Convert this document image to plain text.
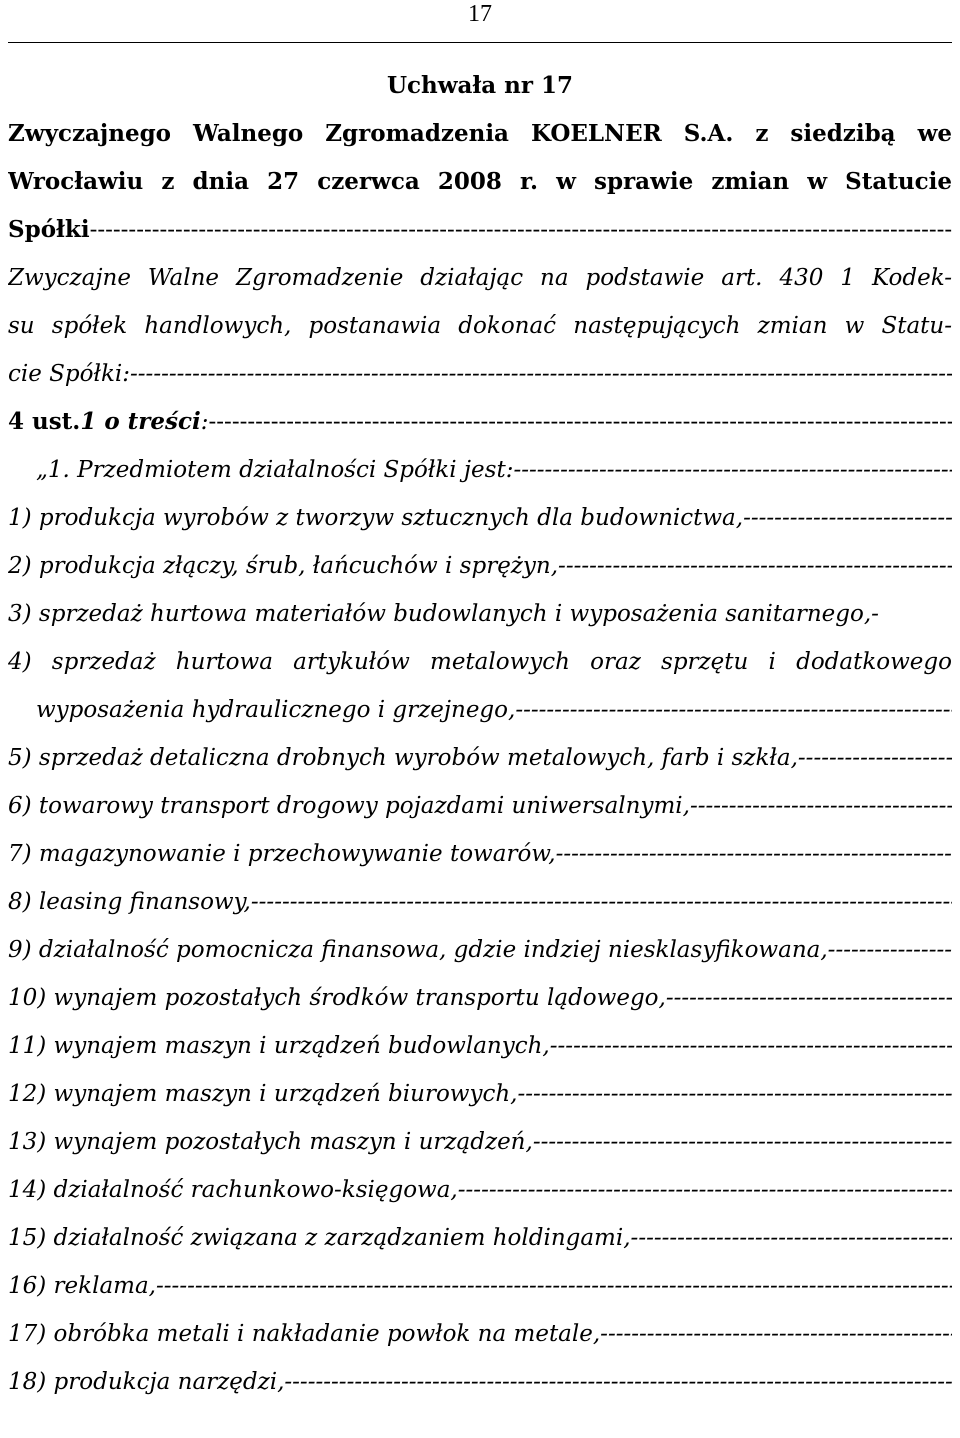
17
Uchwała nr 17
Zwyczajnego Walnego Zgromadzenia KOELNER S.A. z siedzibą we
Wrocławiu z dnia 27 czerwca 2008 r. w sprawie zmian w Statucie
Spółki
-----
Zwyczajne Walne Zgromadzenie działając na podstawie art. 430 1 Kodek-
su spółek handlowych, postanawia dokonać następujących zmian w Statu-
cie Spółki:
-----
4 ust. 1 o treści :
-----
„1. Przedmiotem działalności Spółki jest:
-----
1) produkcja wyrobów z tworzyw sztucznych dla budownictwa,
-----
2) produkcja złączy, śrub, łańcuchów i sprężyn,
-----
3) sprzedaż hurtowa materiałów budowlanych i wyposażenia sanitarnego,-
4) sprzedaż hurtowa artykułów metalowych oraz sprzętu i dodatkowego
wyposażenia hydraulicznego i grzejnego,
-----
5) sprzedaż detaliczna drobnych wyrobów metalowych, farb i szkła,
-----
6) towarowy transport drogowy pojazdami uniwersalnymi,
-----
7) magazynowanie i przechowywanie towarów,
-----
8) leasing finansowy,
-----
9) działalność pomocnicza finansowa, gdzie indziej niesklasyfikowana,
-----
10) wynajem pozostałych środków transportu lądowego,
-----
11) wynajem maszyn i urządzeń budowlanych,
-----
12) wynajem maszyn i urządzeń biurowych,
-----
13) wynajem pozostałych maszyn i urządzeń,
-----
14) działalność rachunkowo-księgowa,
-----
15) działalność związana z zarządzaniem holdingami,
-----
16) reklama,
-----
17) obróbka metali i nakładanie powłok na metale,
-----
18) produkcja narzędzi,
-----
